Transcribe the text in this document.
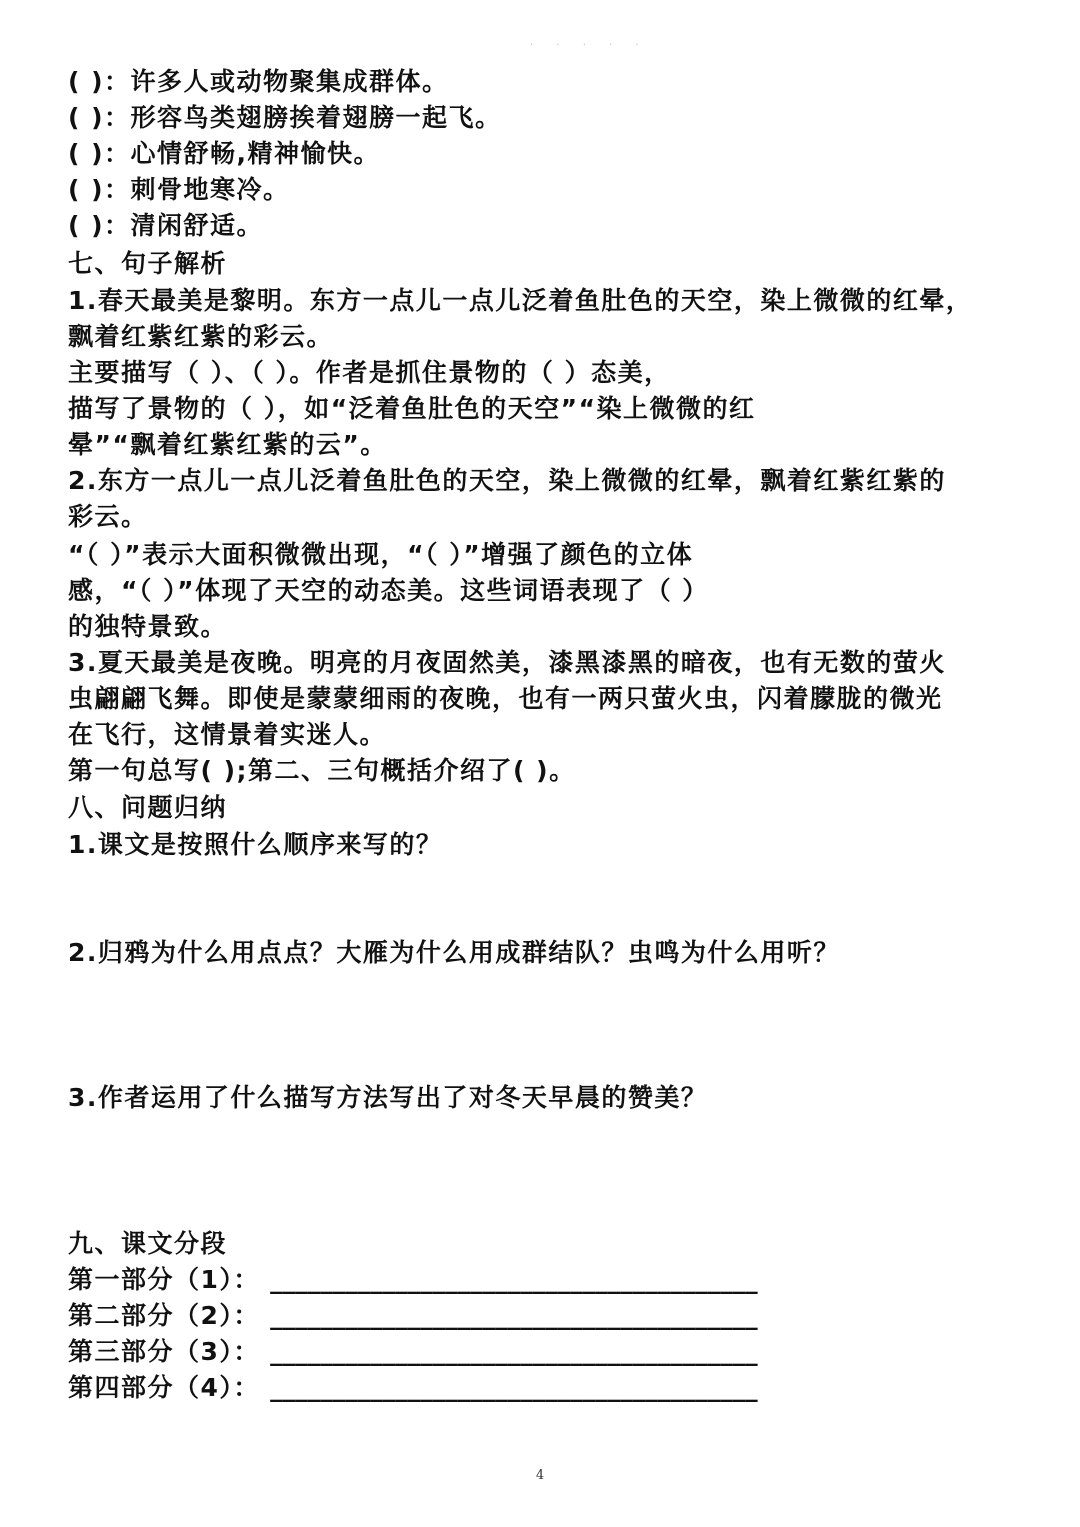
· · · · ·
( )：许多人或动物聚集成群体。
( )：形容鸟类翅膀挨着翅膀一起飞。
( )：心情舒畅,精神愉快。
( )：刺骨地寒冷。
( )：清闲舒适。
七、句子解析
1.春天最美是黎明。东方一点儿一点儿泛着鱼肚色的天空，染上微微的红晕，
飘着红紫红紫的彩云。
主要描写（ ）、（ ）。作者是抓住景物的（ ）态美，
描写了景物的（ ），如“泛着鱼肚色的天空”“染上微微的红
晕”“飘着红紫红紫的云”。
2.东方一点儿一点儿泛着鱼肚色的天空，染上微微的红晕，飘着红紫红紫的
彩云。
“（ ）”表示大面积微微出现，“（ ）”增强了颜色的立体
感，“（ ）”体现了天空的动态美。这些词语表现了（ ）
的独特景致。
3.夏天最美是夜晚。明亮的月夜固然美，漆黑漆黑的暗夜，也有无数的萤火
虫翩翩飞舞。即使是蒙蒙细雨的夜晚，也有一两只萤火虫，闪着朦胧的微光
在飞行，这情景着实迷人。
第一句总写( );第二、三句概括介绍了( )。
八、问题归纳
1.课文是按照什么顺序来写的？
2.归鸦为什么用点点？大雁为什么用成群结队？虫鸣为什么用听？
3.作者运用了什么描写方法写出了对冬天早晨的赞美？
九、课文分段
第一部分（1）： _______________________________________
第二部分（2）： _______________________________________
第三部分（3）： _______________________________________
第四部分（4）： _______________________________________
4
